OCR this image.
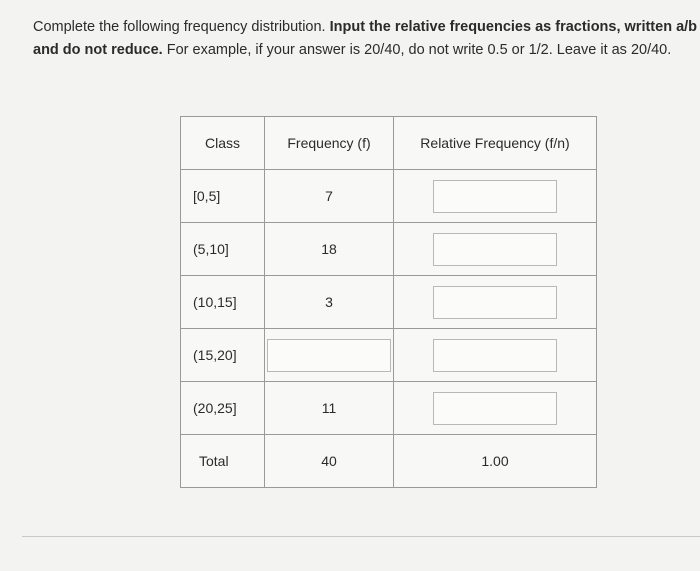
Complete the following frequency distribution. Input the relative frequencies as fractions, written a/b
and do not reduce. For example, if your answer is 20/40, do not write 0.5 or 1/2. Leave it as 20/40.
Class	Frequency (f)	Relative Frequency (f/n)
[0,5]	7	
(5,10]	18	
(10,15]	3	
(15,20]		
(20,25]	11	
Total	40	1.00
